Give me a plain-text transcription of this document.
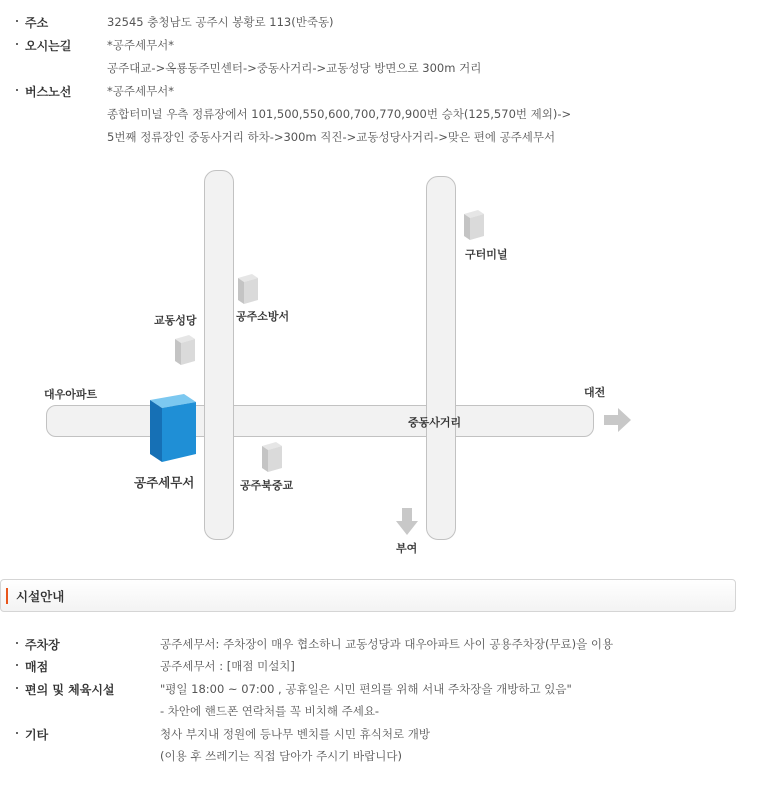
주소	32545 충청남도 공주시 봉황로 113(반죽동)
오시는길	*공주세무서*
공주대교->옥룡동주민센터->중동사거리->교동성당 방면으로 300m 거리
버스노선	*공주세무서*
종합터미널 우측 정류장에서 101,500,550,600,700,770,900번 승차(125,570번 제외)->
5번째 정류장인 중동사거리 하차->300m 직진->교동성당사거리->맞은 편에 공주세무서
구터미널
공주소방서
교동성당
대우아파트	대전
중동사거리
공주세무서	공주북중교
부여
시설안내
주차장	공주세무서: 주차장이 매우 협소하니 교동성당과 대우아파트 사이 공용주차장(무료)을 이용
매점	공주세무서 : [매점 미설치]
편의 및 체육시설	"평일 18:00 ~ 07:00 , 공휴일은 시민 편의를 위해 서내 주차장을 개방하고 있음"
- 차안에 핸드폰 연락처를 꼭 비치해 주세요-
기타	청사 부지내 정원에 등나무 벤치를 시민 휴식처로 개방
(이용 후 쓰레기는 직접 담아가 주시기 바랍니다)
